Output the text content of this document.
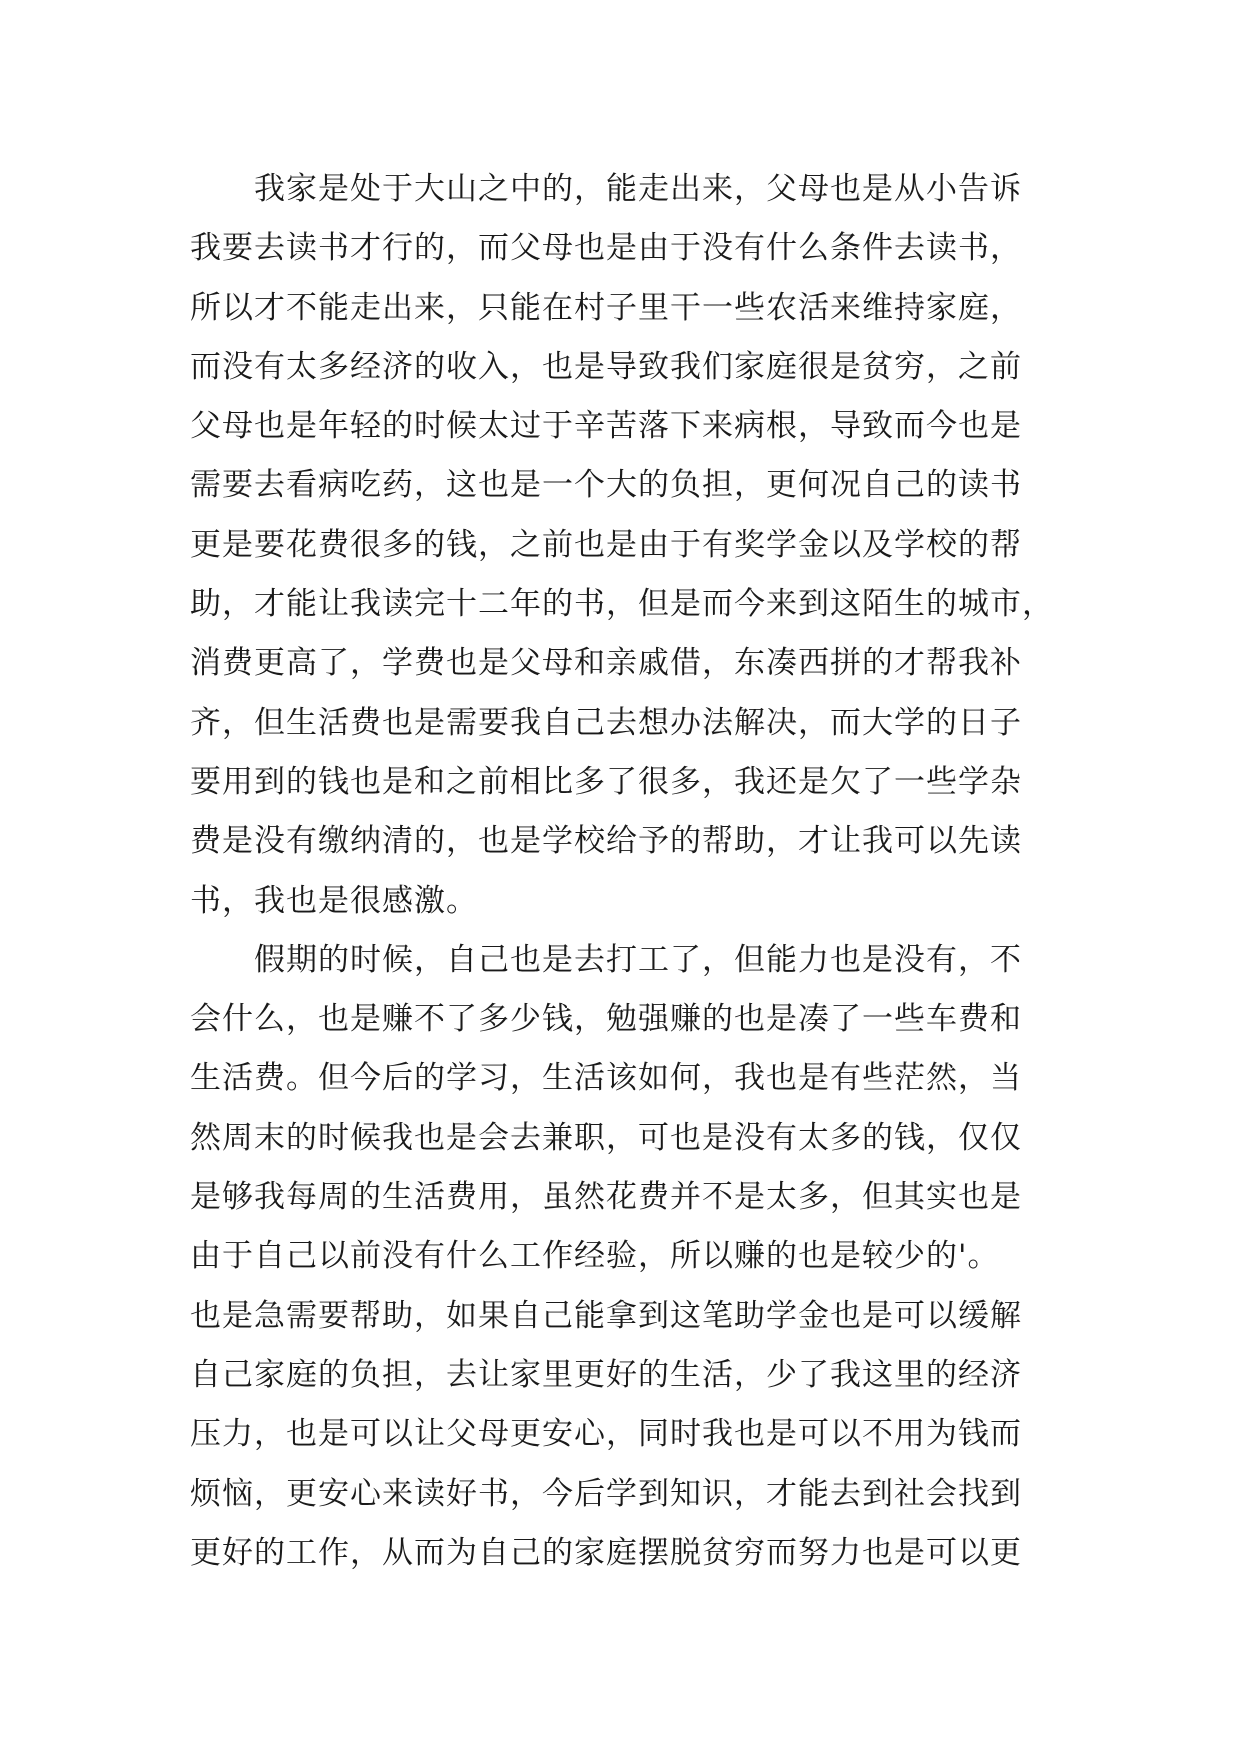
我家是处于大山之中的，能走出来，父母也是从小告诉
我要去读书才行的，而父母也是由于没有什么条件去读书，
所以才不能走出来，只能在村子里干一些农活来维持家庭，
而没有太多经济的收入，也是导致我们家庭很是贫穷，之前
父母也是年轻的时候太过于辛苦落下来病根，导致而今也是
需要去看病吃药，这也是一个大的负担，更何况自己的读书
更是要花费很多的钱，之前也是由于有奖学金以及学校的帮
助，才能让我读完十二年的书，但是而今来到这陌生的城市，
消费更高了，学费也是父母和亲戚借，东凑西拼的才帮我补
齐，但生活费也是需要我自己去想办法解决，而大学的日子
要用到的钱也是和之前相比多了很多，我还是欠了一些学杂
费是没有缴纳清的，也是学校给予的帮助，才让我可以先读
书，我也是很感激。
假期的时候，自己也是去打工了，但能力也是没有，不
会什么，也是赚不了多少钱，勉强赚的也是凑了一些车费和
生活费。但今后的学习，生活该如何，我也是有些茫然，当
然周末的时候我也是会去兼职，可也是没有太多的钱，仅仅
是够我每周的生活费用，虽然花费并不是太多，但其实也是
由于自己以前没有什么工作经验，所以赚的也是较少的'。
也是急需要帮助，如果自己能拿到这笔助学金也是可以缓解
自己家庭的负担，去让家里更好的生活，少了我这里的经济
压力，也是可以让父母更安心，同时我也是可以不用为钱而
烦恼，更安心来读好书，今后学到知识，才能去到社会找到
更好的工作，从而为自己的家庭摆脱贫穷而努力也是可以更
